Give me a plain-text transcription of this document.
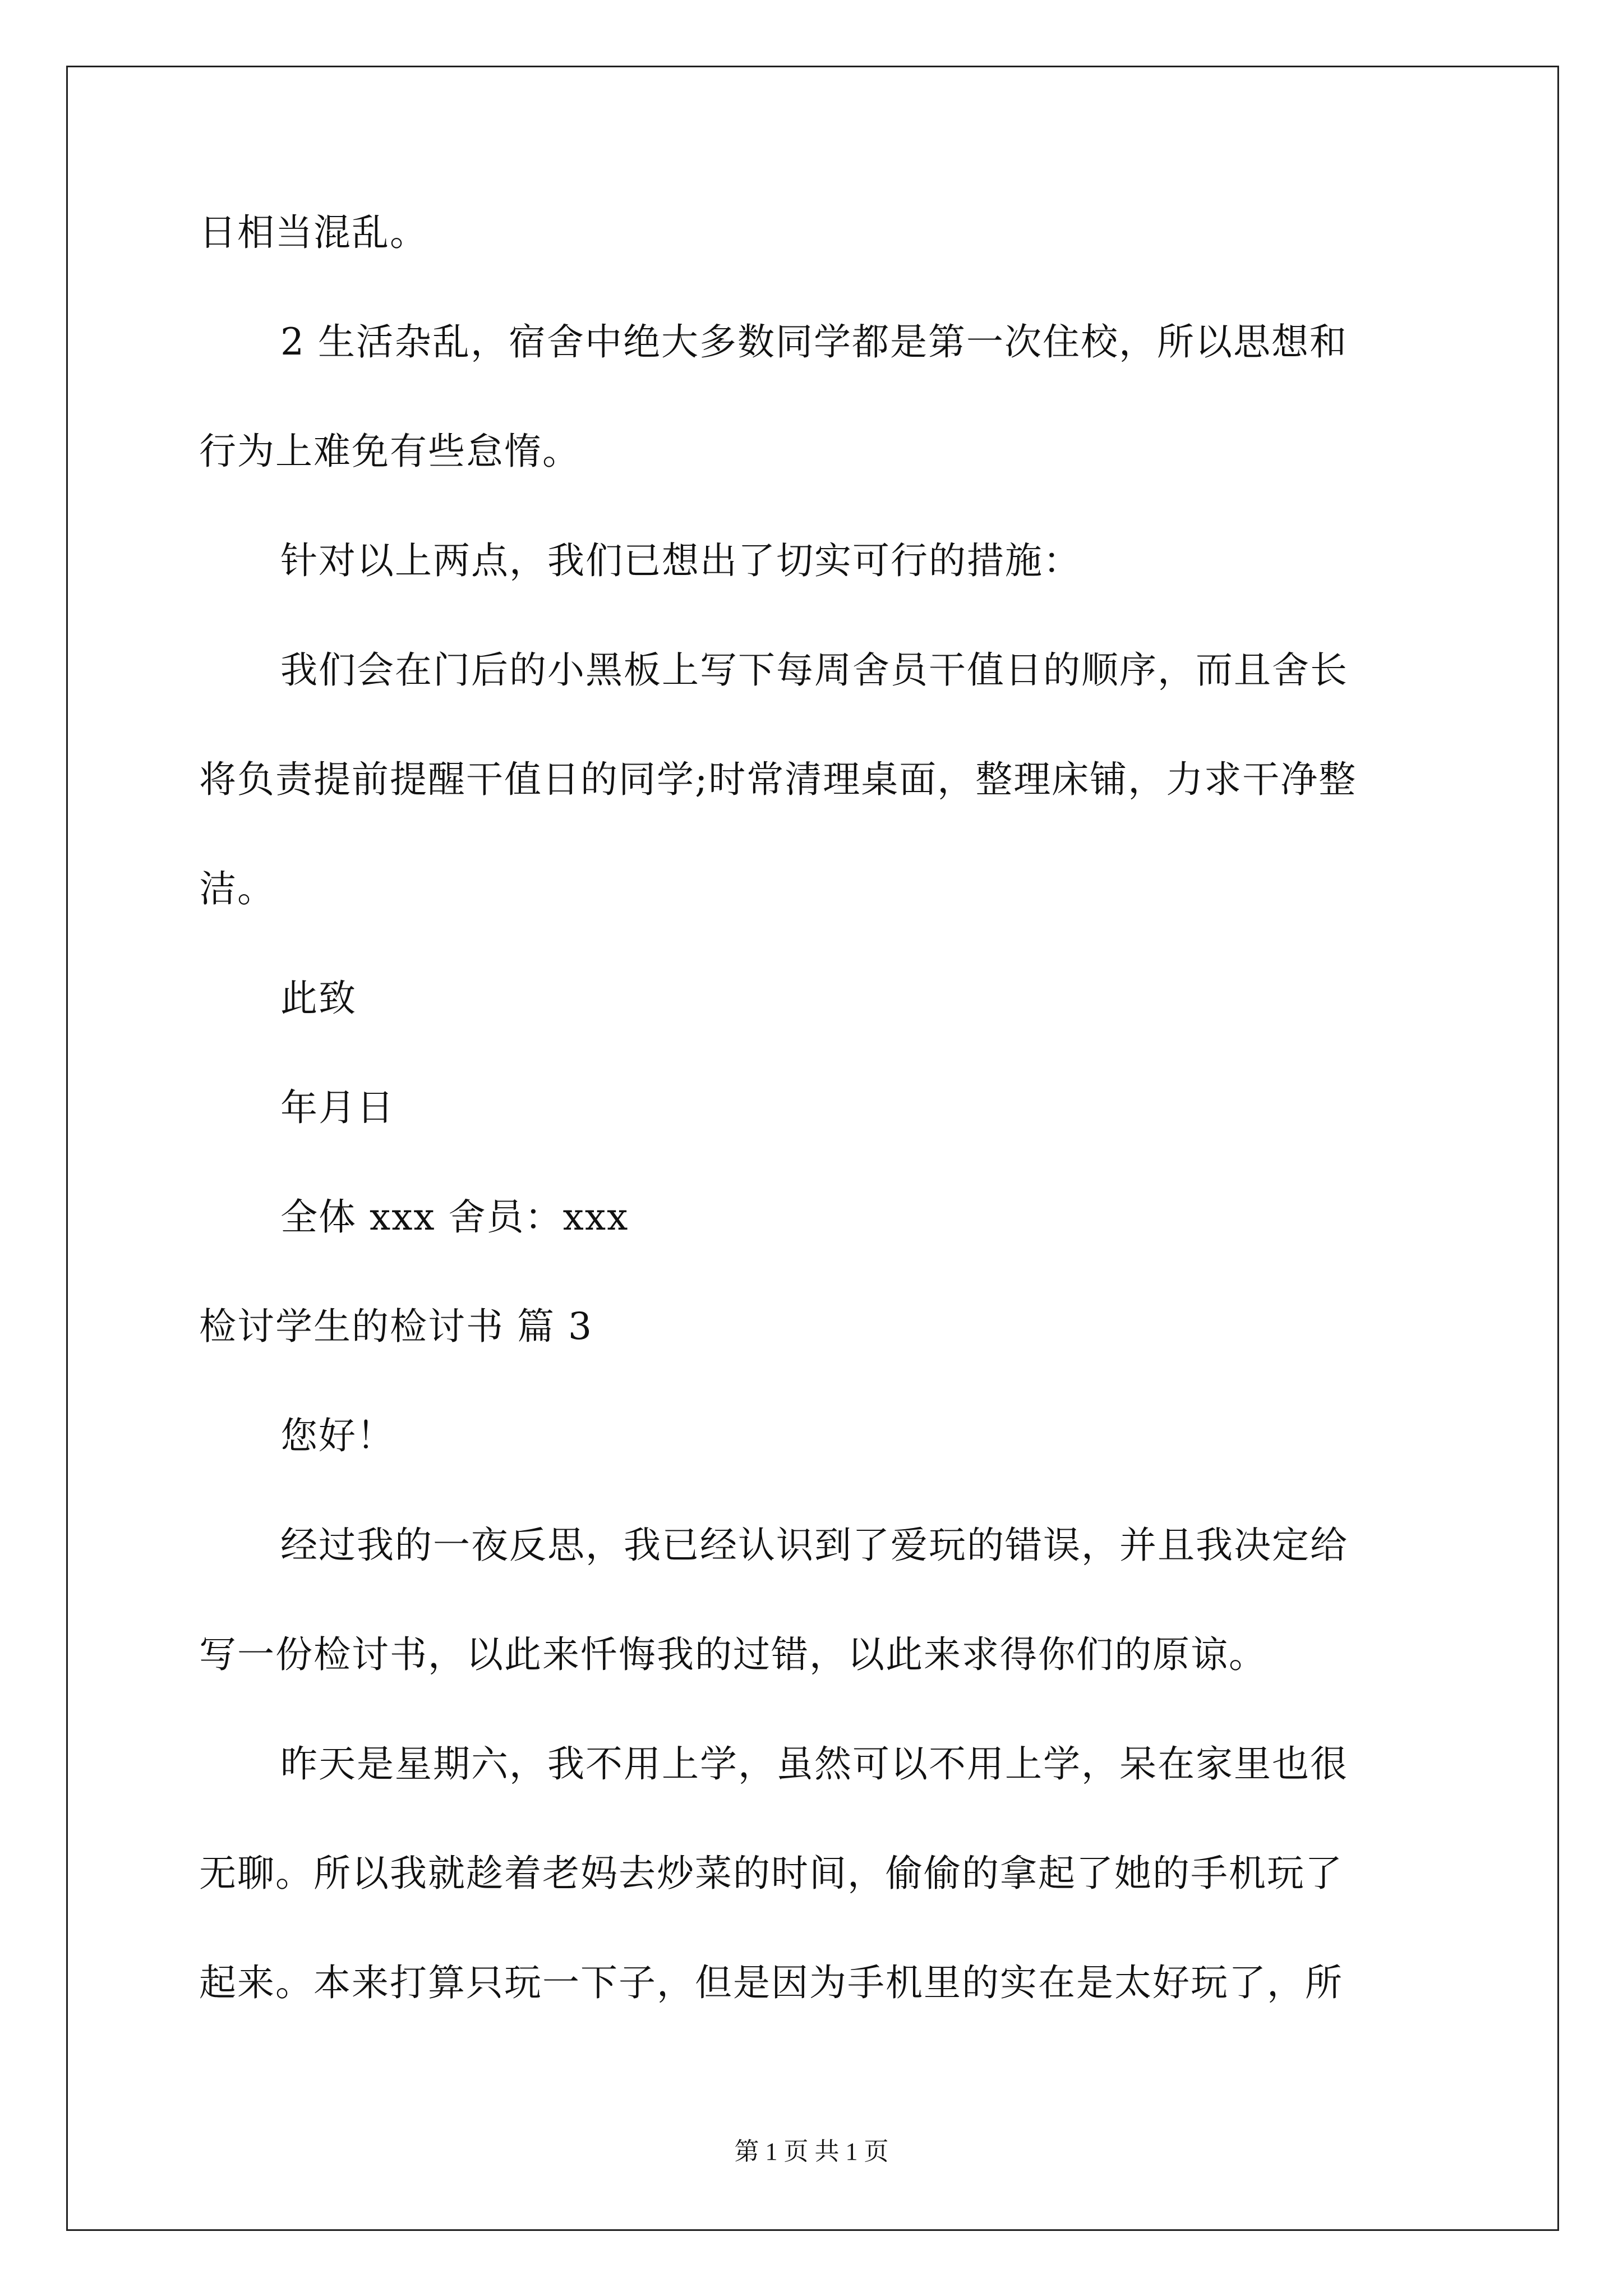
日相当混乱。
2 生活杂乱，宿舍中绝大多数同学都是第一次住校，所以思想和
行为上难免有些怠惰。
针对以上两点，我们已想出了切实可行的措施：
我们会在门后的小黑板上写下每周舍员干值日的顺序，而且舍长
将负责提前提醒干值日的同学;时常清理桌面，整理床铺，力求干净整
洁。
此致
年月日
全体 xxx 舍员：xxx
检讨学生的检讨书 篇 3
您好！
经过我的一夜反思，我已经认识到了爱玩的错误，并且我决定给
写一份检讨书，以此来忏悔我的过错，以此来求得你们的原谅。
昨天是星期六，我不用上学，虽然可以不用上学，呆在家里也很
无聊。所以我就趁着老妈去炒菜的时间，偷偷的拿起了她的手机玩了
起来。本来打算只玩一下子，但是因为手机里的实在是太好玩了，所
第 1 页 共 1 页
